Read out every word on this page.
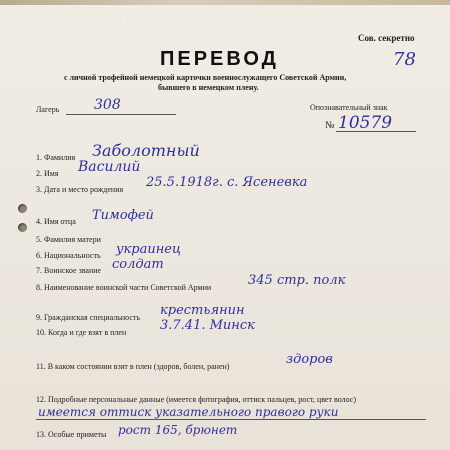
Сов. секретно
78
ПЕРЕВОД
с личной трофейной немецкой карточки военнослужащего Советской Армии,
бывшего в немецком плену.
Лагерь 308	Опознавательный знак
№ 10579
1. Фамилия Заболотный
2. Имя Василий
3. Дата и место рождения 25.5.1918г. с. Ясеневка
4. Имя отца Тимофей
5. Фамилия матери
6. Национальность украинец
7. Воинское звание солдат
8. Наименование воинской части Советской Армии	345 стр. полк
9. Гражданская специальность крестьянин
10. Когда и где взят в плен	3.7.41. Минск
11. В каком состоянии взят в плен (здоров, болен, ранен)	здоров
12. Подробные персональные данные (имеется фотография, оттиск пальцев, рост, цвет волос)
имеется оттиск указательного правого руки
13. Особые приметы рост 165, брюнет
